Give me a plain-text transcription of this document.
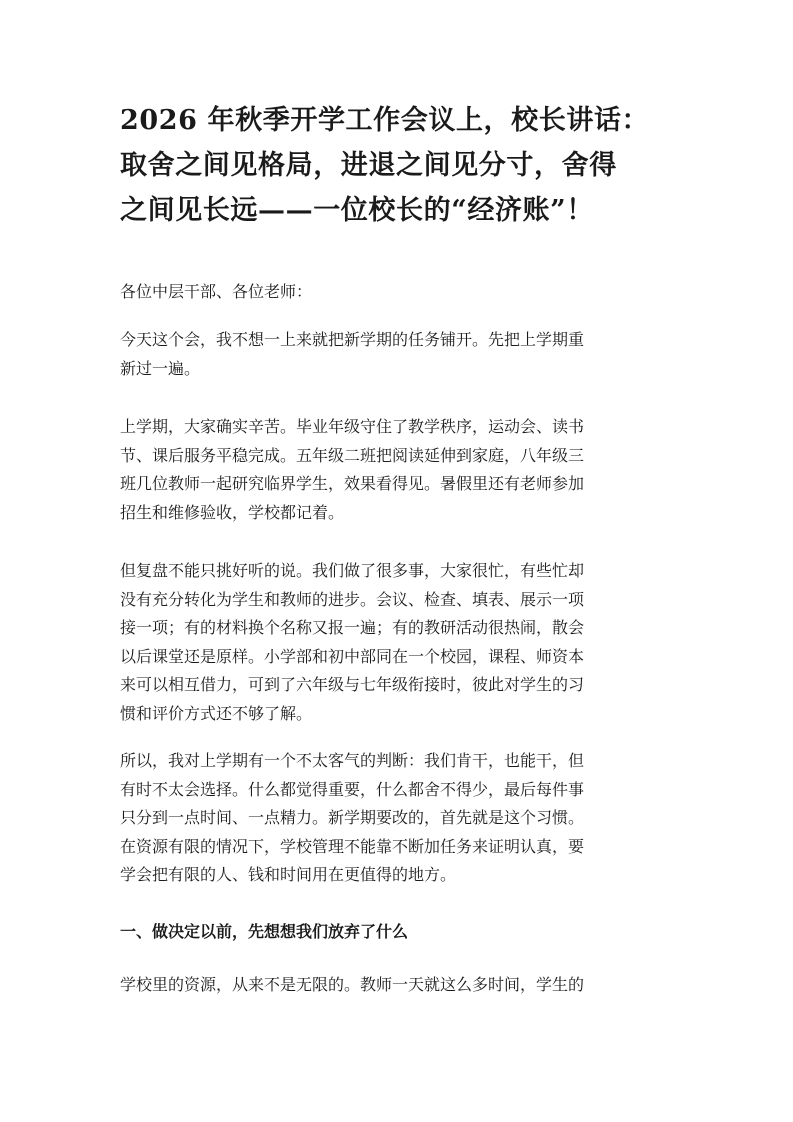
2026 年秋季开学工作会议上，校长讲话：
取舍之间见格局，进退之间见分寸，舍得
之间见长远——一位校长的“经济账”！

各位中层干部、各位老师：

今天这个会，我不想一上来就把新学期的任务铺开。先把上学期重
新过一遍。

上学期，大家确实辛苦。毕业年级守住了教学秩序，运动会、读书
节、课后服务平稳完成。五年级二班把阅读延伸到家庭，八年级三
班几位教师一起研究临界学生，效果看得见。暑假里还有老师参加
招生和维修验收，学校都记着。

但复盘不能只挑好听的说。我们做了很多事，大家很忙，有些忙却
没有充分转化为学生和教师的进步。会议、检查、填表、展示一项
接一项；有的材料换个名称又报一遍；有的教研活动很热闹，散会
以后课堂还是原样。小学部和初中部同在一个校园，课程、师资本
来可以相互借力，可到了六年级与七年级衔接时，彼此对学生的习
惯和评价方式还不够了解。

所以，我对上学期有一个不太客气的判断：我们肯干，也能干，但
有时不太会选择。什么都觉得重要，什么都舍不得少，最后每件事
只分到一点时间、一点精力。新学期要改的，首先就是这个习惯。
在资源有限的情况下，学校管理不能靠不断加任务来证明认真，要
学会把有限的人、钱和时间用在更值得的地方。

一、做决定以前，先想想我们放弃了什么

学校里的资源，从来不是无限的。教师一天就这么多时间，学生的
